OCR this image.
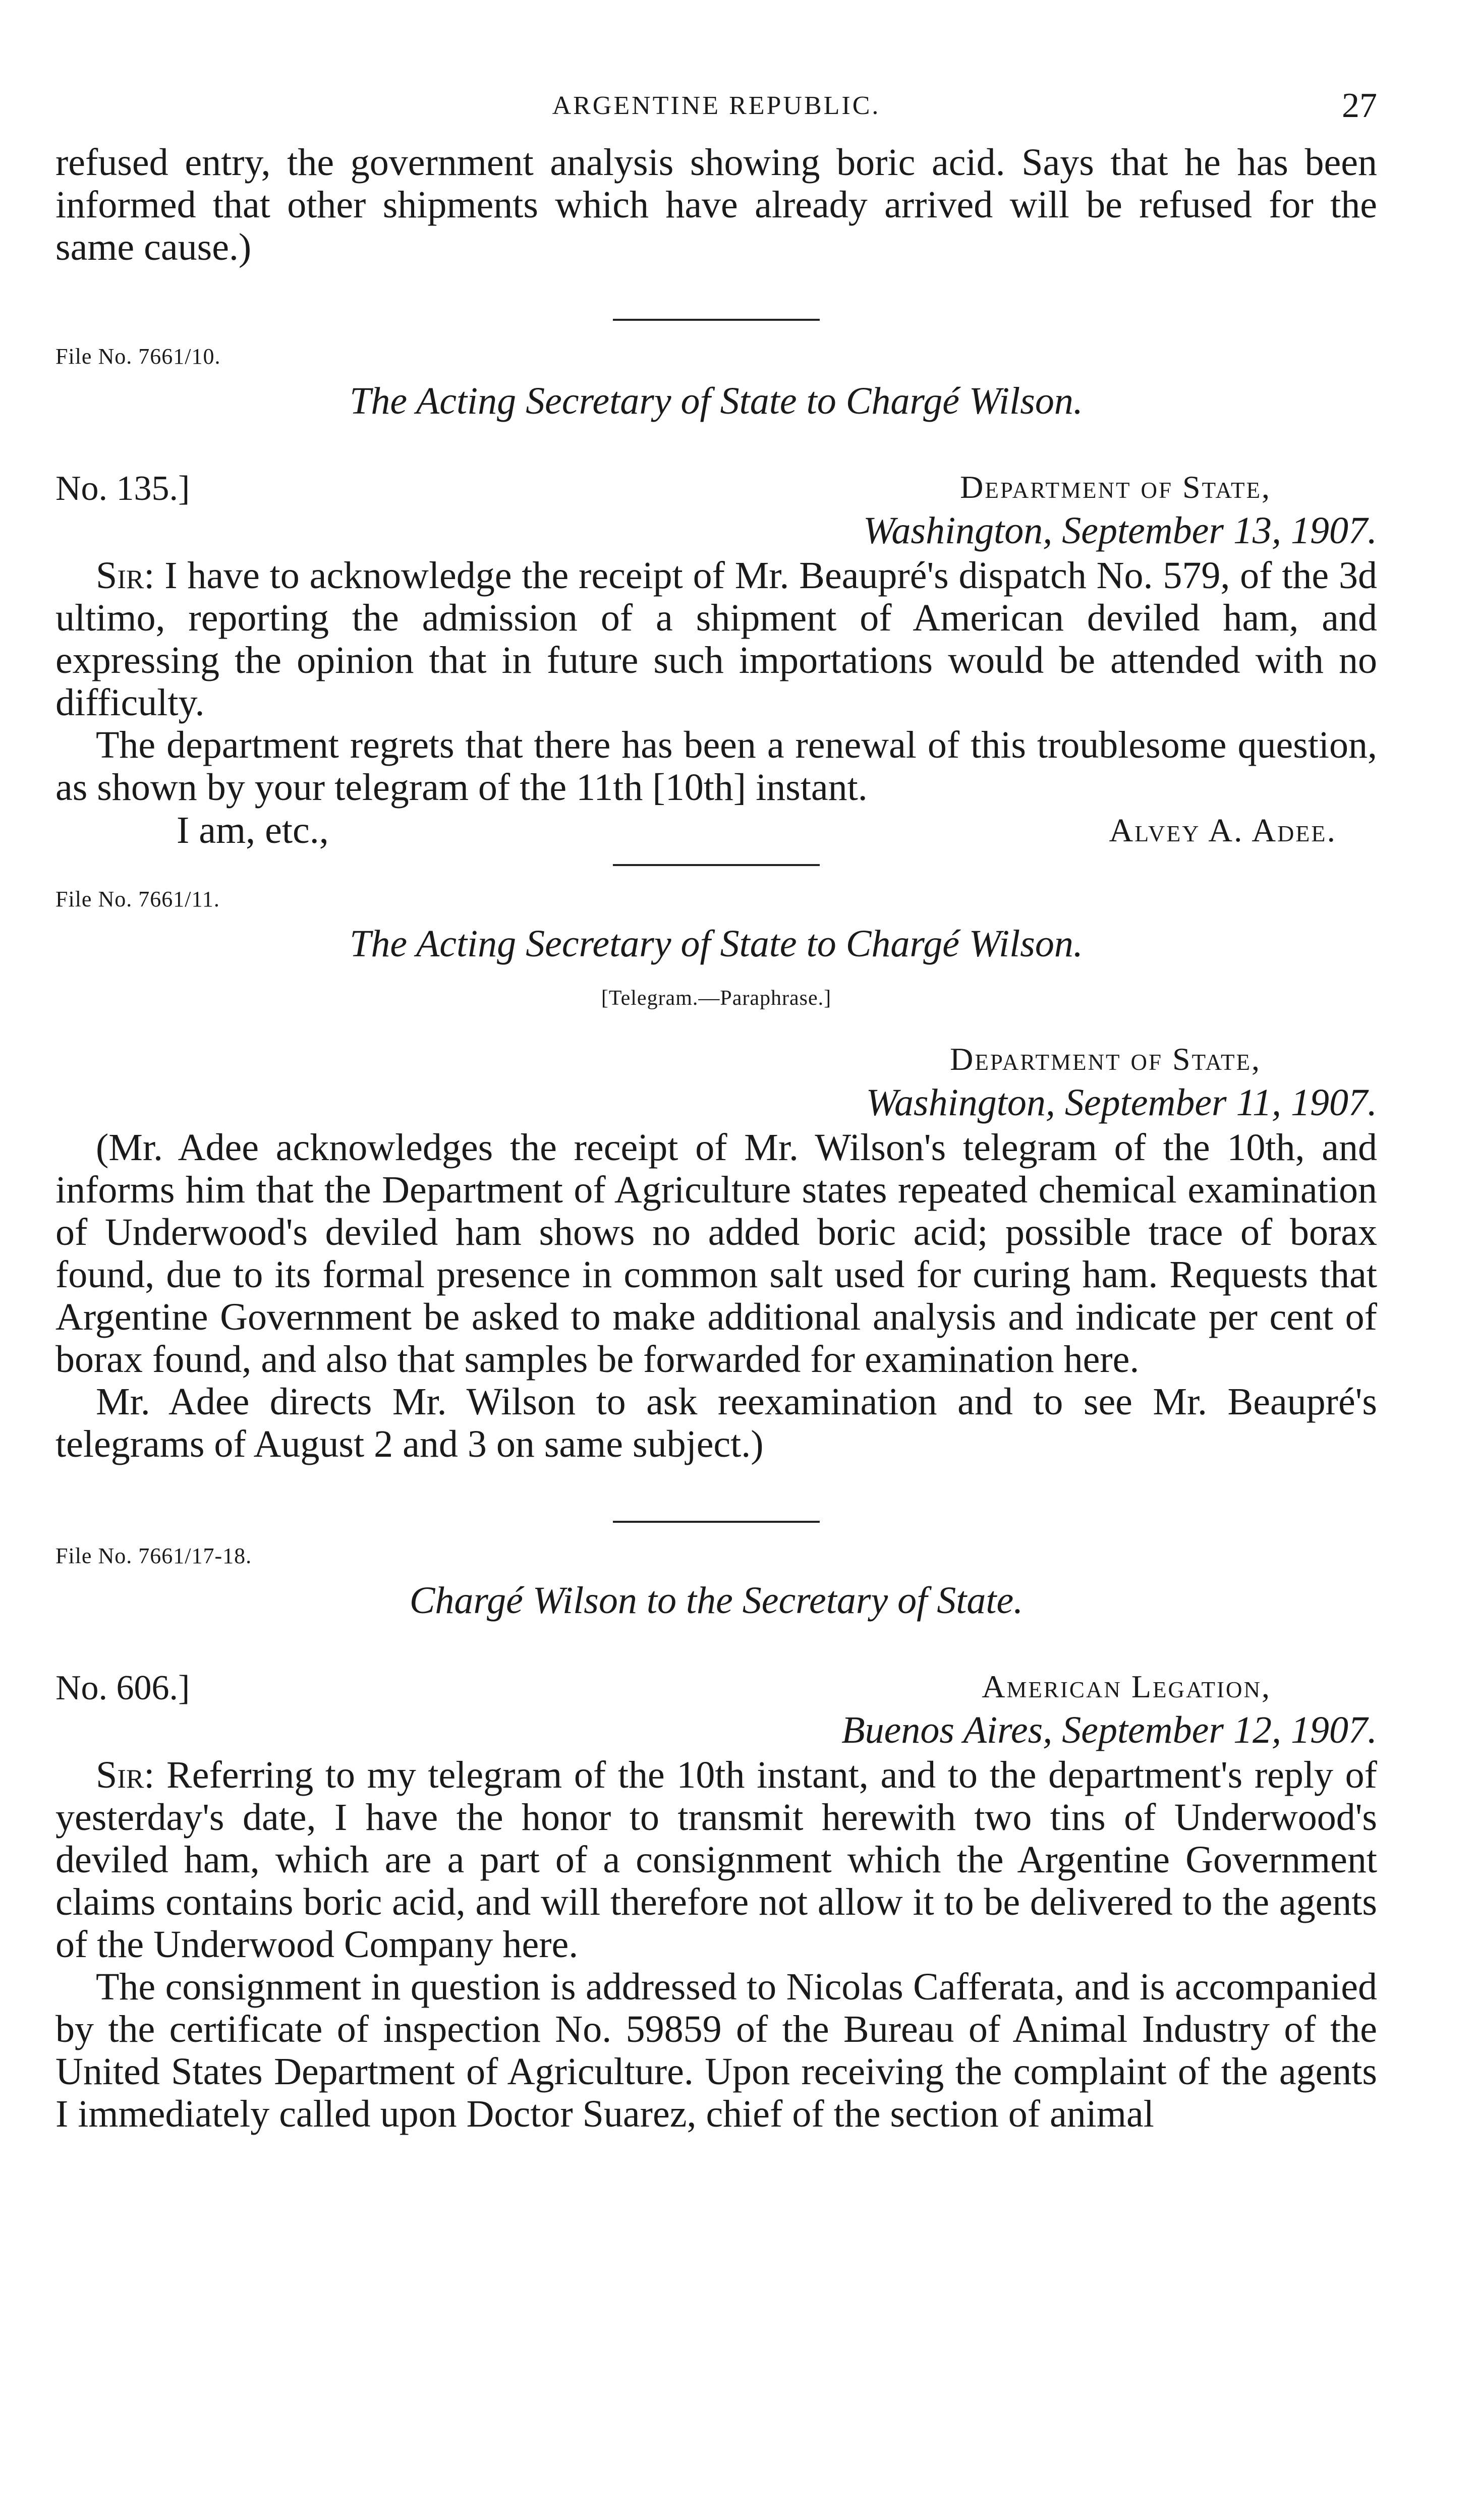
ARGENTINE REPUBLIC.	27

refused entry, the government analysis showing boric acid. Says that he has been informed that other shipments which have already arrived will be refused for the same cause.)

File No. 7661/10.

The Acting Secretary of State to Chargé Wilson.

No. 135.]	Department of State,
Washington, September 13, 1907.

Sir: I have to acknowledge the receipt of Mr. Beaupré's dispatch No. 579, of the 3d ultimo, reporting the admission of a shipment of American deviled ham, and expressing the opinion that in future such importations would be attended with no difficulty.

The department regrets that there has been a renewal of this troublesome question, as shown by your telegram of the 11th [10th] instant.

I am, etc.,	Alvey A. Adee.

File No. 7661/11.

The Acting Secretary of State to Chargé Wilson.

[Telegram.—Paraphrase.]

Department of State,
Washington, September 11, 1907.

(Mr. Adee acknowledges the receipt of Mr. Wilson's telegram of the 10th, and informs him that the Department of Agriculture states repeated chemical examination of Underwood's deviled ham shows no added boric acid; possible trace of borax found, due to its formal presence in common salt used for curing ham. Requests that Argentine Government be asked to make additional analysis and indicate per cent of borax found, and also that samples be forwarded for examination here.

Mr. Adee directs Mr. Wilson to ask reexamination and to see Mr. Beaupré's telegrams of August 2 and 3 on same subject.)

File No. 7661/17-18.

Chargé Wilson to the Secretary of State.

No. 606.]	American Legation,
Buenos Aires, September 12, 1907.

Sir: Referring to my telegram of the 10th instant, and to the department's reply of yesterday's date, I have the honor to transmit herewith two tins of Underwood's deviled ham, which are a part of a consignment which the Argentine Government claims contains boric acid, and will therefore not allow it to be delivered to the agents of the Underwood Company here.

The consignment in question is addressed to Nicolas Cafferata, and is accompanied by the certificate of inspection No. 59859 of the Bureau of Animal Industry of the United States Department of Agriculture. Upon receiving the complaint of the agents I immediately called upon Doctor Suarez, chief of the section of animal
